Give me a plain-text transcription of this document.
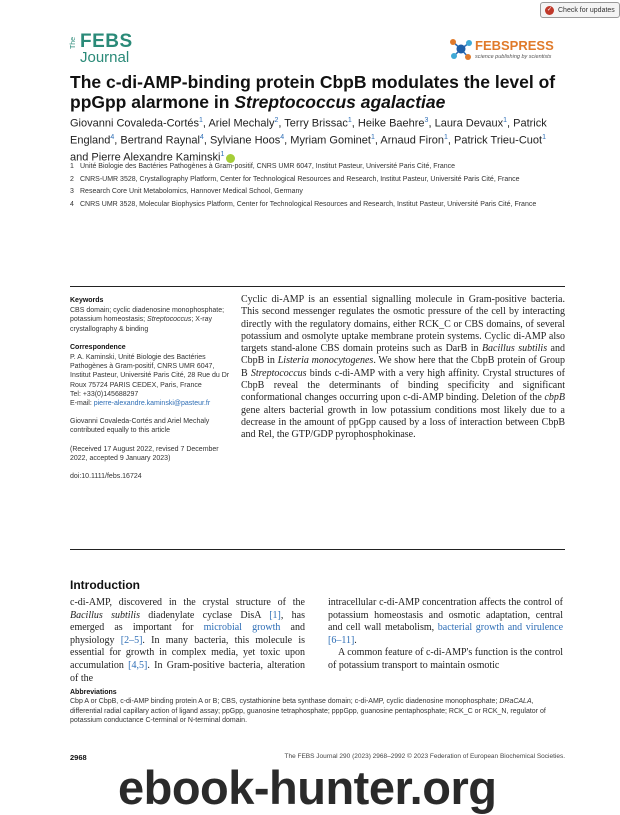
✓ Check for updates
The FEBS
Journal
FEBSPRESS
science publishing by scientists
The c-di-AMP-binding protein CbpB modulates the level of ppGpp alarmone in Streptococcus agalactiae
Giovanni Covaleda-Cortés$^1$, Ariel Mechaly$^2$, Terry Brissac$^1$, Heike Baehre$^3$, Laura Devaux$^1$, Patrick England$^4$, Bertrand Raynal$^4$, Sylviane Hoos$^4$, Myriam Gominet$^1$, Arnaud Firon$^1$, Patrick Trieu-Cuot$^1$ and Pierre Alexandre Kaminski$^1$
1 Unité Biologie des Bactéries Pathogènes à Gram-positif, CNRS UMR 6047, Institut Pasteur, Université Paris Cité, France
2 CNRS-UMR 3528, Crystallography Platform, Center for Technological Resources and Research, Institut Pasteur, Université Paris Cité, France
3 Research Core Unit Metabolomics, Hannover Medical School, Germany
4 CNRS UMR 3528, Molecular Biophysics Platform, Center for Technological Resources and Research, Institut Pasteur, Université Paris Cité, France
Keywords
CBS domain; cyclic diadenosine monophosphate; potassium homeostasis; Streptococcus; X-ray crystallography & binding
Correspondence
P. A. Kaminski, Unité Biologie des Bactéries Pathogènes à Gram-positif, CNRS UMR 6047, Institut Pasteur, Université Paris Cité, 28 Rue du Dr Roux 75724 PARIS CEDEX, Paris, France
Tel: +33(0)145688297
E-mail: pierre-alexandre.kaminski@pasteur.fr
Giovanni Covaleda-Cortés and Ariel Mechaly contributed equally to this article
(Received 17 August 2022, revised 7 December 2022, accepted 9 January 2023)
doi:10.1111/febs.16724
Cyclic di-AMP is an essential signalling molecule in Gram-positive bacteria. This second messenger regulates the osmotic pressure of the cell by interacting directly with the regulatory domains, either RCK_C or CBS domains, of several potassium and osmolyte uptake membrane protein systems. Cyclic di-AMP also targets stand-alone CBS domain proteins such as DarB in Bacillus subtilis and CbpB in Listeria monocytogenes. We show here that the CbpB protein of Group B Streptococcus binds c-di-AMP with a very high affinity. Crystal structures of CbpB reveal the determinants of binding specificity and significant conformational changes occurring upon c-di-AMP binding. Deletion of the cbpB gene alters bacterial growth in low potassium conditions most likely due to a decrease in the amount of ppGpp caused by a loss of interaction between CbpB and Rel, the GTP/GDP pyrophosphokinase.
Introduction
c-di-AMP, discovered in the crystal structure of the Bacillus subtilis diadenylate cyclase DisA [1], has emerged as important for microbial growth and physiology [2–5]. In many bacteria, this molecule is essential for growth in complex media, yet toxic upon accumulation [4,5]. In Gram-positive bacteria, alteration of the

intracellular c-di-AMP concentration affects the control of potassium homeostasis and osmotic adaptation, central and cell wall metabolism, bacterial growth and virulence [6–11].

A common feature of c-di-AMP's function is the control of potassium transport to maintain osmotic

Abbreviations
Cbp A or CbpB, c-di-AMP binding protein A or B; CBS, cystathionine beta synthase domain; c-di-AMP, cyclic diadenosine monophosphate; DRaCALA, differential radial capillary action of ligand assay; ppGpp, guanosine tetraphosphate; pppGpp, guanosine pentaphosphate; RCK_C or RCK_N, regulator of potassium conductance C-terminal or N-terminal domain.
2968	The FEBS Journal 290 (2023) 2968–2992 © 2023 Federation of European Biochemical Societies.
ebook-hunter.org
